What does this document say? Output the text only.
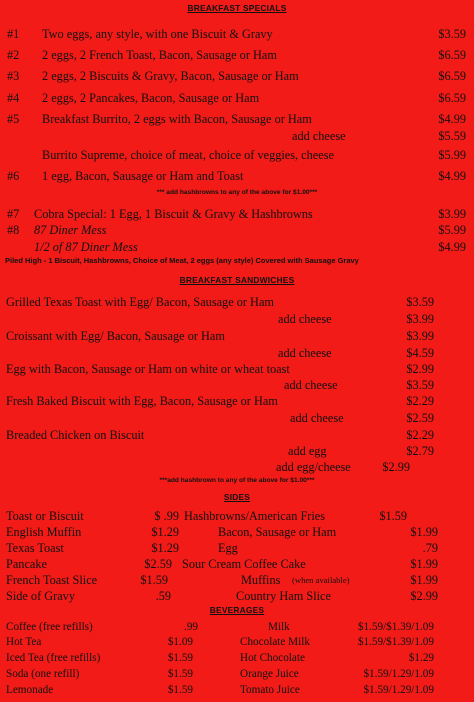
BREAKFAST SPECIALS
#1 Two eggs, any style, with one Biscuit & Gravy	$3.59
#2 2 eggs, 2 French Toast, Bacon, Sausage or Ham	$6.59
#3 2 eggs, 2 Biscuits & Gravy, Bacon, Sausage or Ham	$6.59
#4 2 eggs, 2 Pancakes, Bacon, Sausage or Ham	$6.59
#5 Breakfast Burrito, 2 eggs with Bacon, Sausage or Ham	$4.99
add cheese	$5.59
Burrito Supreme, choice of meat, choice of veggies, cheese	$5.99
#6 1 egg, Bacon, Sausage or Ham and Toast	$4.99
*** add hashbrowns to any of the above for $1.00***
#7 Cobra Special: 1 Egg, 1 Biscuit & Gravy & Hashbrowns	$3.99
#8 87 Diner Mess	$5.99
1/2 of 87 Diner Mess	$4.99
Piled High - 1 Biscuit, Hashbrowns, Choice of Meat, 2 eggs (any style) Covered with Sausage Gravy
BREAKFAST SANDWICHES
Grilled Texas Toast with Egg/ Bacon, Sausage or Ham	$3.59
add cheese	$3.99
Croissant with Egg/ Bacon, Sausage or Ham	$3.99
add cheese	$4.59
Egg with Bacon, Sausage or Ham on white or wheat toast	$2.99
add cheese	$3.59
Fresh Baked Biscuit with Egg, Bacon, Sausage or Ham	$2.29
add cheese	$2.59
Breaded Chicken on Biscuit	$2.29
add egg	$2.79
add egg/cheese	$2.99
***add hashbrown to any of the above for $1.00***
SIDES
Toast or Biscuit	$ .99
English Muffin	$1.29
Texas Toast	$1.29
Pancake	$2.59
French Toast Slice	$1.59
Side of Gravy	.59
Hashbrowns/American Fries	$1.59
Bacon, Sausage or Ham	$1.99
Egg	.79
Sour Cream Coffee Cake	$1.99
Muffins (when available)	$1.99
Country Ham Slice	$2.99
BEVERAGES
Coffee (free refills)	.99
Hot Tea	$1.09
Iced Tea (free refills)	$1.59
Soda (one refill)	$1.59
Lemonade	$1.59
Milk	$1.59/$1.39/1.09
Chocolate Milk	$1.59/$1.39/1.09
Hot Chocolate	$1.29
Orange Juice	$1.59/1.29/1.09
Tomato Juice	$1.59/1.29/1.09
